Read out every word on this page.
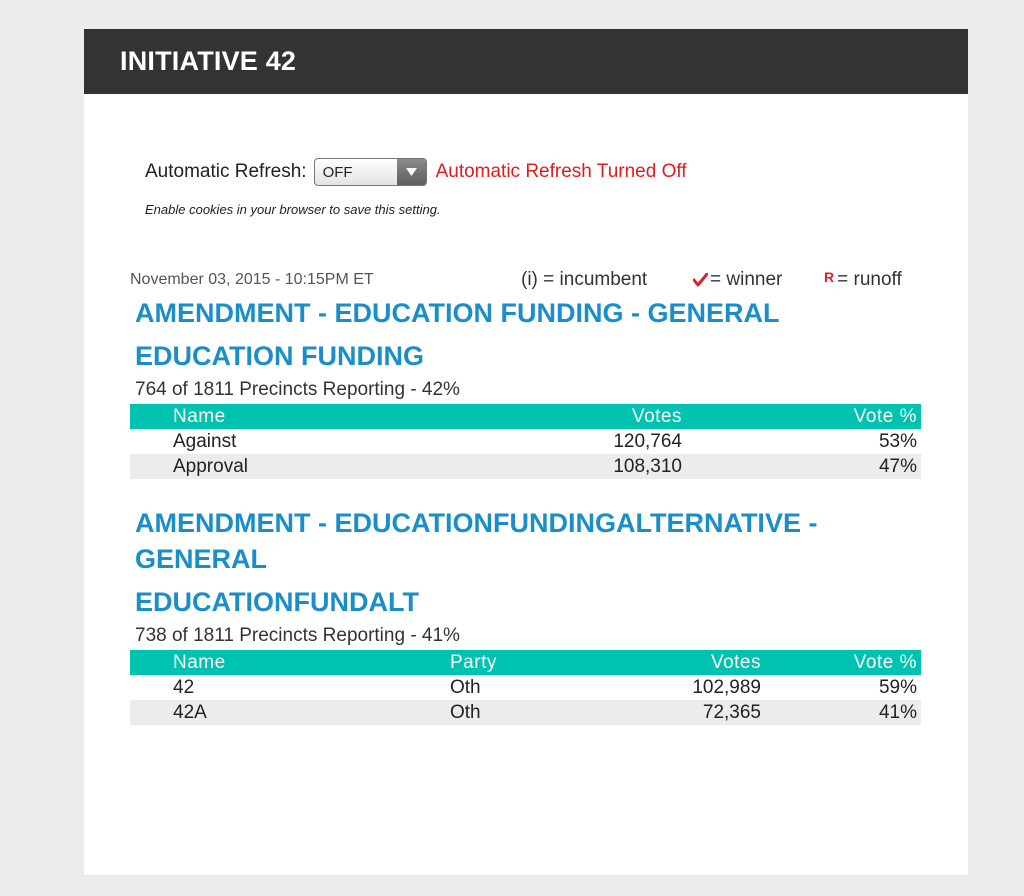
INITIATIVE 42
Automatic Refresh:	OFF	Automatic Refresh Turned Off
Enable cookies in your browser to save this setting.
November 03, 2015 - 10:15PM ET	(i) = incumbent	= winner	R = runoff
AMENDMENT - EDUCATION FUNDING - GENERAL
EDUCATION FUNDING
764 of 1811 Precincts Reporting - 42%
Name	Votes	Vote %
Against	120,764	53%
Approval	108,310	47%
AMENDMENT - EDUCATIONFUNDINGALTERNATIVE -
GENERAL
EDUCATIONFUNDALT
738 of 1811 Precincts Reporting - 41%
Name	Party	Votes	Vote %
42	Oth	102,989	59%
42A	Oth	72,365	41%
